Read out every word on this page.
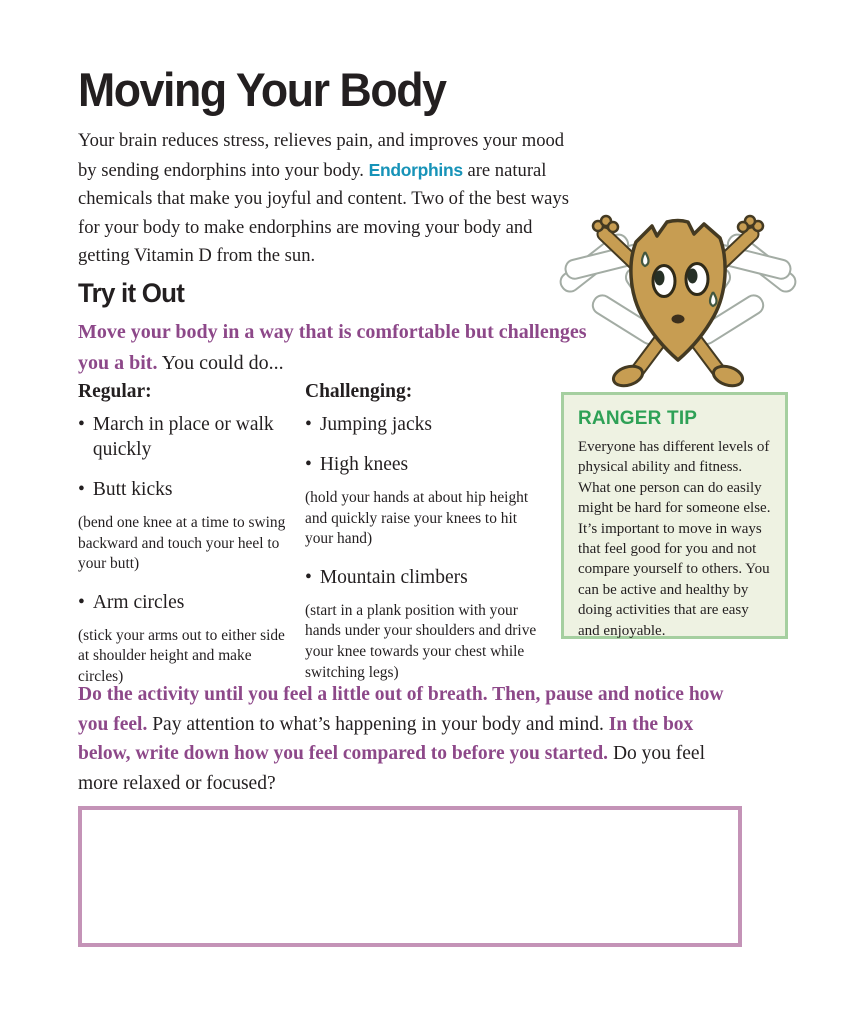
Moving Your Body

Your brain reduces stress, relieves pain, and improves your mood by sending endorphins into your body. Endorphins are natural chemicals that make you joyful and content. Two of the best ways for your body to make endorphins are moving your body and getting Vitamin D from the sun.

Try it Out

Move your body in a way that is comfortable but challenges you a bit. You could do...

Regular:
• March in place or walk quickly
• Butt kicks

(bend one knee at a time to swing backward and touch your heel to your butt)

• Arm circles

(stick your arms out to either side at shoulder height and make circles)

Challenging:
• Jumping jacks
• High knees

(hold your hands at about hip height and quickly raise your knees to hit your hand)

• Mountain climbers

(start in a plank position with your hands under your shoulders and drive your knee towards your chest while switching legs)

RANGER TIP

Everyone has different levels of physical ability and fitness. What one person can do easily might be hard for someone else. It’s important to move in ways that feel good for you and not compare yourself to others. You can be active and healthy by doing activities that are easy and enjoyable.

Do the activity until you feel a little out of breath. Then, pause and notice how you feel. Pay attention to what’s happening in your body and mind. In the box below, write down how you feel compared to before you started. Do you feel more relaxed or focused?
